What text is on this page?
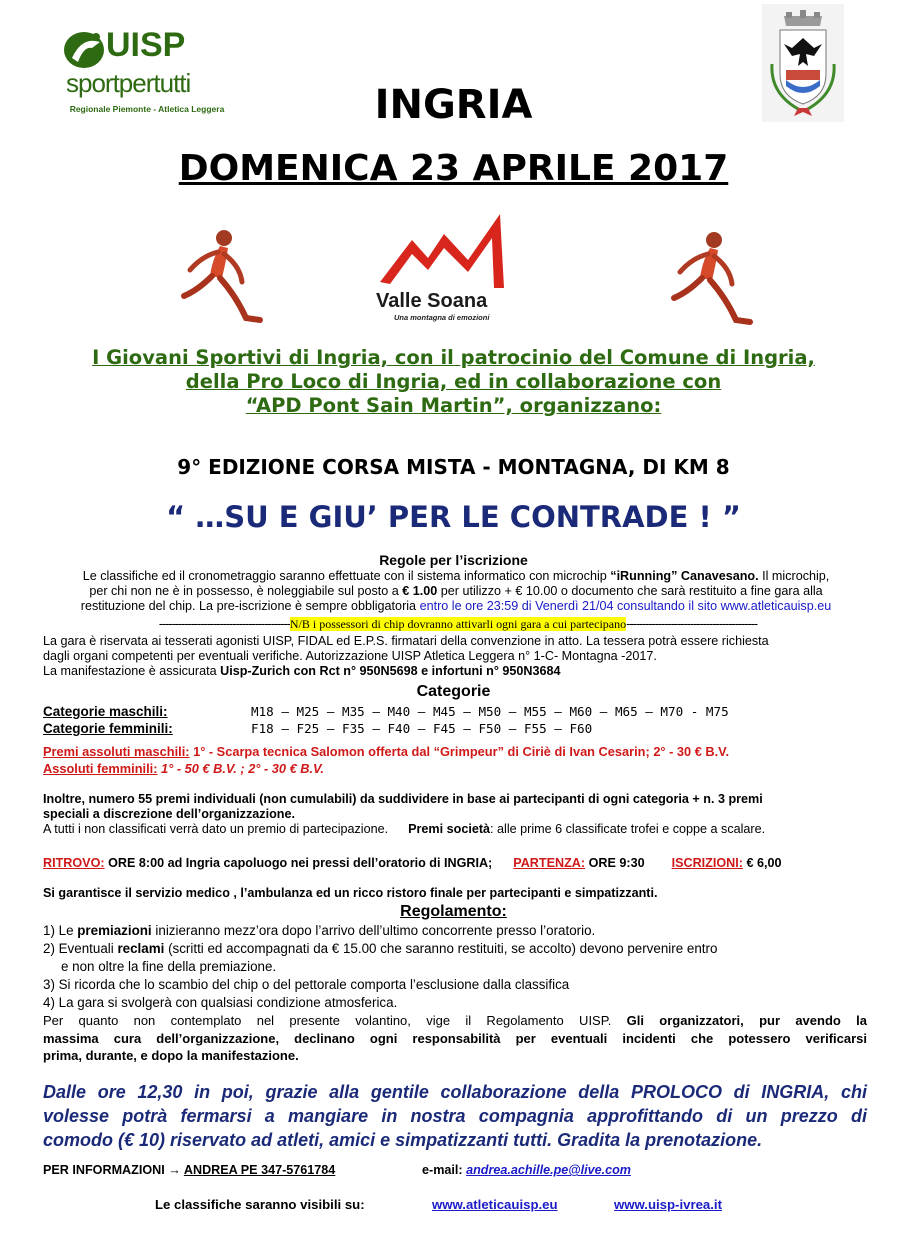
UISP
sportpertutti
Regionale Piemonte - Atletica Leggera	INGRIA
DOMENICA 23 APRILE 2017
Valle Soana
Una montagna di emozioni
I Giovani Sportivi di Ingria, con il patrocinio del Comune di Ingria,
della Pro Loco di Ingria, ed in collaborazione con
“APD Pont Sain Martin”, organizzano:
9° EDIZIONE CORSA MISTA - MONTAGNA, DI KM 8
“ …SU E GIU’ PER LE CONTRADE ! ”
Regole per l’iscrizione
Le classifiche ed il cronometraggio saranno effettuate con il sistema informatico con microchip “iRunning” Canavesano. Il microchip,
per chi non ne è in possesso, è noleggiabile sul posto a € 1.00 per utilizzo + € 10.00 o documento che sarà restituito a fine gara alla
restituzione del chip. La pre-iscrizione è sempre obbligatoria entro le ore 23:59 di Venerdì 21/04 consultando il sito www.atleticauisp.eu
-----------------------------------------N/B i possessori di chip dovranno attivarli ogni gara a cui partecipano-----------------------------------------
La gara è riservata ai tesserati agonisti UISP, FIDAL ed E.P.S. firmatari della convenzione in atto. La tessera potrà essere richiesta
dagli organi competenti per eventuali verifiche. Autorizzazione UISP Atletica Leggera n° 1-C- Montagna -2017.
La manifestazione è assicurata Uisp-Zurich con Rct n° 950N5698 e infortuni n° 950N3684
Categorie
Categorie maschili:	M18 – M25 – M35 – M40 – M45 – M50 – M55 – M60 – M65 – M70 - M75
Categorie femminili:	F18 – F25 – F35 – F40 – F45 – F50 – F55 – F60
Premi assoluti maschili: 1° - Scarpa tecnica Salomon offerta dal “Grimpeur” di Ciriè di Ivan Cesarin; 2° - 30 € B.V.
Assoluti femminili: 1° - 50 € B.V. ; 2° - 30 € B.V.
Inoltre, numero 55 premi individuali (non cumulabili) da suddividere in base ai partecipanti di ogni categoria + n. 3 premi
speciali a discrezione dell’organizzazione.
A tutti i non classificati verrà dato un premio di partecipazione. Premi società: alle prime 6 classificate trofei e coppe a scalare.
RITROVO: ORE 8:00 ad Ingria capoluogo nei pressi dell’oratorio di INGRIA; PARTENZA: ORE 9:30 ISCRIZIONI: € 6,00
Si garantisce il servizio medico , l’ambulanza ed un ricco ristoro finale per partecipanti e simpatizzanti.
Regolamento:
1) Le premiazioni inizieranno mezz’ora dopo l’arrivo dell’ultimo concorrente presso l’oratorio.
2) Eventuali reclami (scritti ed accompagnati da € 15.00 che saranno restituiti, se accolto) devono pervenire entro
e non oltre la fine della premiazione.
3) Si ricorda che lo scambio del chip o del pettorale comporta l’esclusione dalla classifica
4) La gara si svolgerà con qualsiasi condizione atmosferica.
Per quanto non contemplato nel presente volantino, vige il Regolamento UISP. Gli organizzatori, pur avendo la
massima cura dell’organizzazione, declinano ogni responsabilità per eventuali incidenti che potessero verificarsi
prima, durante, e dopo la manifestazione.
Dalle ore 12,30 in poi, grazie alla gentile collaborazione della PROLOCO di INGRIA, chi
volesse potrà fermarsi a mangiare in nostra compagnia approfittando di un prezzo di
comodo (€ 10) riservato ad atleti, amici e simpatizzanti tutti. Gradita la prenotazione.
PER INFORMAZIONI → ANDREA PE 347-5761784	e-mail: andrea.achille.pe@live.com
Le classifiche saranno visibili su:	www.atleticauisp.eu	www.uisp-ivrea.it
